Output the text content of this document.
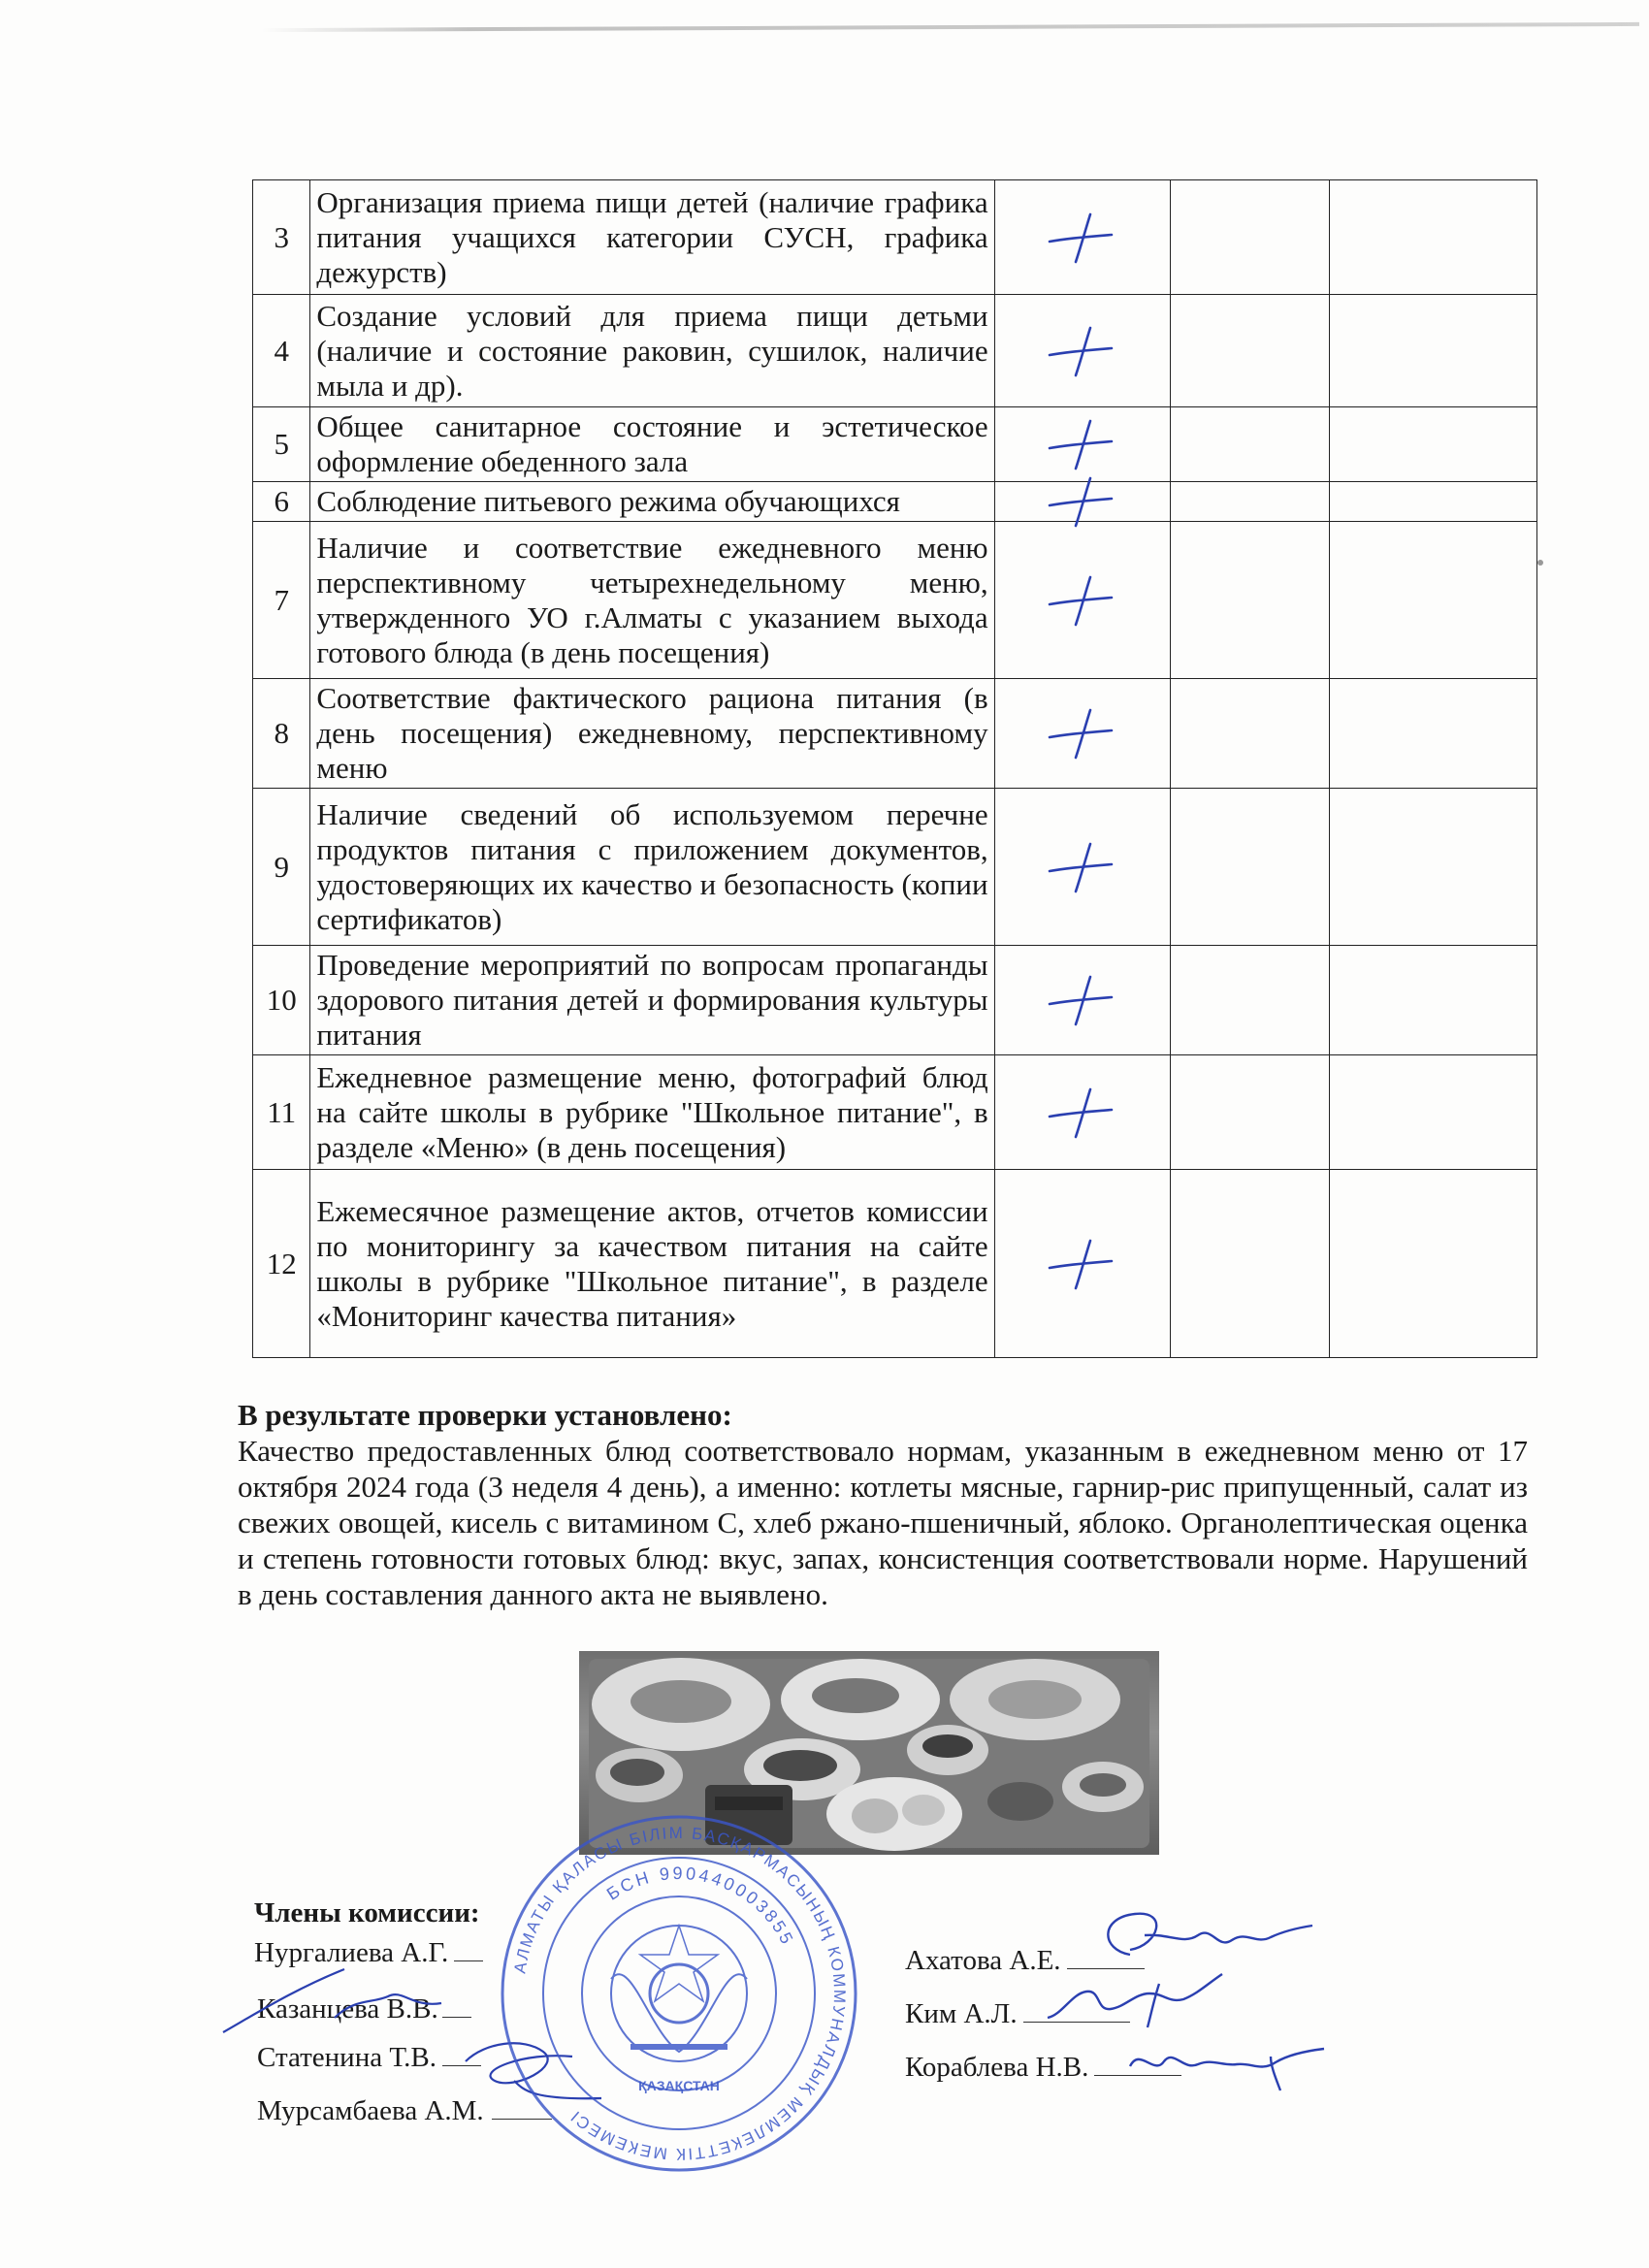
3	Организация приема пищи детей (наличие графика питания учащихся категории СУСН, графика дежурств)	

4	Создание условий для приема пищи детьми (наличие и состояние раковин, сушилок, наличие мыла и др).	

5	Общее санитарное состояние и эстетическое оформление обеденного зала	

6	Соблюдение питьевого режима обучающихся	

7	Наличие и соответствие ежедневного меню перспективному четырехнедельному меню, утвержденного УО г.Алматы с указанием выхода готового блюда (в день посещения)	

8	Соответствие фактического рациона питания (в день посещения) ежедневному, перспективному меню	

9	Наличие сведений об используемом перечне продуктов питания с приложением документов, удостоверяющих их качество и безопасность (копии сертификатов)	

10	Проведение мероприятий по вопросам пропаганды здорового питания детей и формирования культуры питания	

11	Ежедневное размещение меню, фотографий блюд на сайте школы в рубрике "Школьное питание", в разделе «Меню» (в день посещения)	

12	Ежемесячное размещение актов, отчетов комиссии по мониторингу за качеством питания на сайте школы в рубрике "Школьное питание", в разделе «Мониторинг качества питания»	

В результате проверки установлено:
Качество предоставленных блюд соответствовало нормам, указанным в ежедневном меню от 17 октября 2024 года (3 неделя 4 день), а именно: котлеты мясные, гарнир-рис припущенный, салат из свежих овощей, кисель с витамином С, хлеб ржано-пшеничный, яблоко. Органолептическая оценка и степень готовности готовых блюд: вкус, запах, консистенция соответствовали норме. Нарушений в день составления данного акта не выявлено.
Члены комиссии:
Нургалиева А.Г.
Казанцева В.В.
Статенина Т.В.
Мурсамбаева А.М.
Ахатова А.Е.
Ким А.Л.
Кораблева Н.В.
АЛМАТЫ ҚАЛАСЫ БІЛІМ БАСҚАРМАСЫНЫҢ КОММУНАЛДЫҚ МЕМЛЕКЕТТІК МЕКЕМЕСІ
БСН 990440003855
ҚАЗАҚСТАН
